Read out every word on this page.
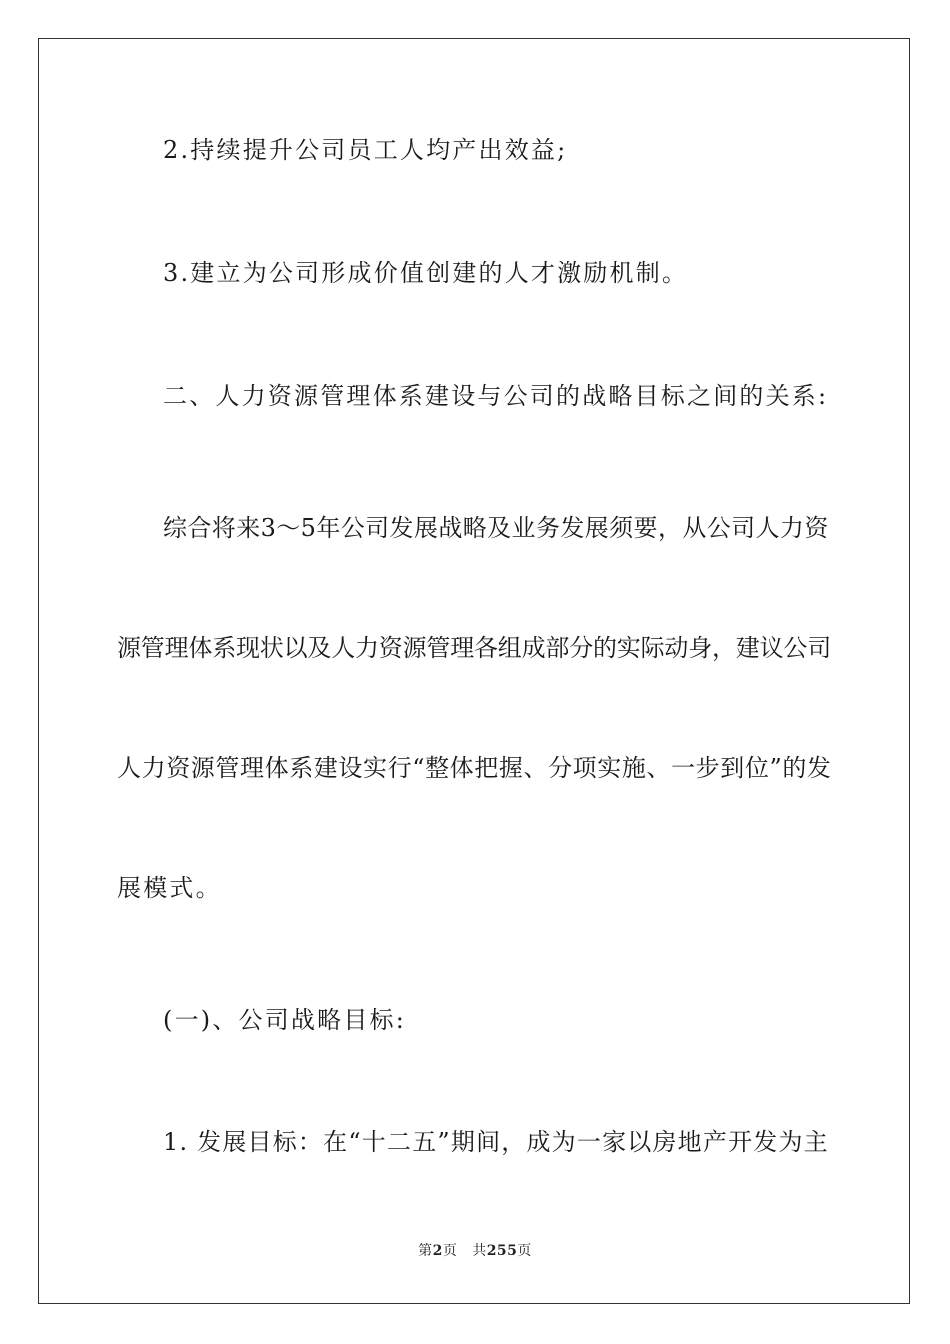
2.持续提升公司员工人均产出效益;
3.建立为公司形成价值创建的人才激励机制。
二、人力资源管理体系建设与公司的战略目标之间的关系:
综合将来3～5年公司发展战略及业务发展须要，从公司人力资
源管理体系现状以及人力资源管理各组成部分的实际动身，建议公司
人力资源管理体系建设实行“整体把握、分项实施、一步到位”的发
展模式。
(一)、公司战略目标:
1. 发展目标：在“十二五”期间，成为一家以房地产开发为主
第2页 共255页
